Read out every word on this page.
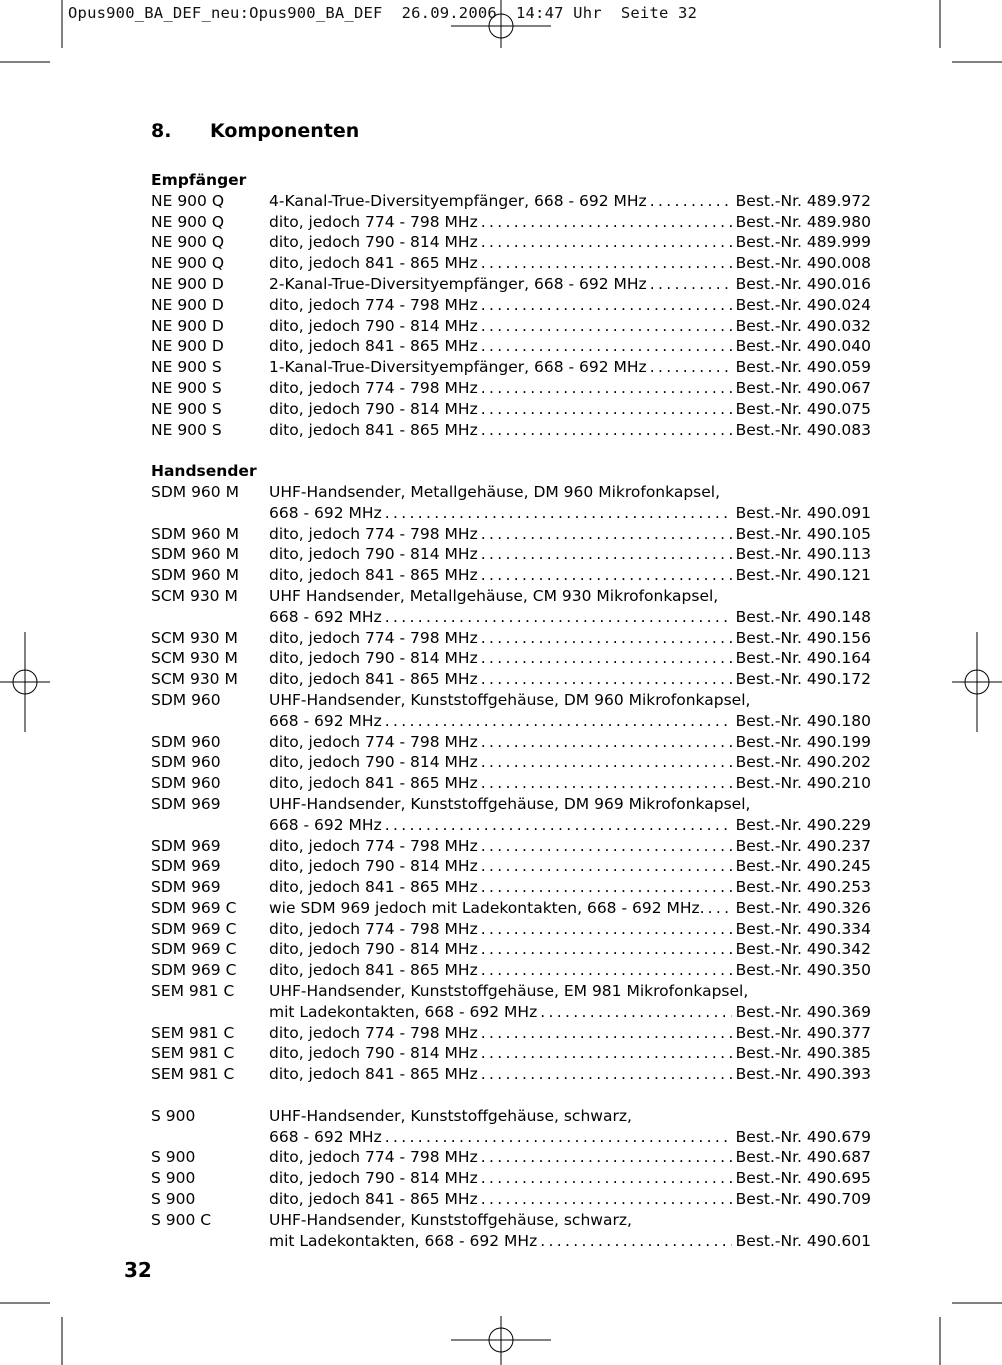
Opus900_BA_DEF_neu:Opus900_BA_DEF  26.09.2006  14:47 Uhr  Seite 32
8.	Komponenten
Empfänger
NE 900 Q	4-Kanal-True-Diversityempfänger, 668 - 692 MHz . . .	Best.-Nr. 489.972
NE 900 Q	dito, jedoch 774 - 798 MHz . . .	Best.-Nr. 489.980
NE 900 Q	dito, jedoch 790 - 814 MHz . . .	Best.-Nr. 489.999
NE 900 Q	dito, jedoch 841 - 865 MHz . . .	Best.-Nr. 490.008
NE 900 D	2-Kanal-True-Diversityempfänger, 668 - 692 MHz . . .	Best.-Nr. 490.016
NE 900 D	dito, jedoch 774 - 798 MHz . . .	Best.-Nr. 490.024
NE 900 D	dito, jedoch 790 - 814 MHz . . .	Best.-Nr. 490.032
NE 900 D	dito, jedoch 841 - 865 MHz . . .	Best.-Nr. 490.040
NE 900 S	1-Kanal-True-Diversityempfänger, 668 - 692 MHz . . .	Best.-Nr. 490.059
NE 900 S	dito, jedoch 774 - 798 MHz . . .	Best.-Nr. 490.067
NE 900 S	dito, jedoch 790 - 814 MHz . . .	Best.-Nr. 490.075
NE 900 S	dito, jedoch 841 - 865 MHz . . .	Best.-Nr. 490.083
Handsender
SDM 960 M	UHF-Handsender, Metallgehäuse, DM 960 Mikrofonkapsel,
668 - 692 MHz . . .	Best.-Nr. 490.091
SDM 960 M	dito, jedoch 774 - 798 MHz . . .	Best.-Nr. 490.105
SDM 960 M	dito, jedoch 790 - 814 MHz . . .	Best.-Nr. 490.113
SDM 960 M	dito, jedoch 841 - 865 MHz . . .	Best.-Nr. 490.121
SCM 930 M	UHF Handsender, Metallgehäuse, CM 930 Mikrofonkapsel,
668 - 692 MHz . . .	Best.-Nr. 490.148
SCM 930 M	dito, jedoch 774 - 798 MHz . . .	Best.-Nr. 490.156
SCM 930 M	dito, jedoch 790 - 814 MHz . . .	Best.-Nr. 490.164
SCM 930 M	dito, jedoch 841 - 865 MHz . . .	Best.-Nr. 490.172
SDM 960	UHF-Handsender, Kunststoffgehäuse, DM 960 Mikrofonkapsel,
668 - 692 MHz . . .	Best.-Nr. 490.180
SDM 960	dito, jedoch 774 - 798 MHz . . .	Best.-Nr. 490.199
SDM 960	dito, jedoch 790 - 814 MHz . . .	Best.-Nr. 490.202
SDM 960	dito, jedoch 841 - 865 MHz . . .	Best.-Nr. 490.210
SDM 969	UHF-Handsender, Kunststoffgehäuse, DM 969 Mikrofonkapsel,
668 - 692 MHz . . .	Best.-Nr. 490.229
SDM 969	dito, jedoch 774 - 798 MHz . . .	Best.-Nr. 490.237
SDM 969	dito, jedoch 790 - 814 MHz . . .	Best.-Nr. 490.245
SDM 969	dito, jedoch 841 - 865 MHz . . .	Best.-Nr. 490.253
SDM 969 C	wie SDM 969 jedoch mit Ladekontakten, 668 - 692 MHz. . . . Best.-Nr. 490.326
SDM 969 C	dito, jedoch 774 - 798 MHz . . .	Best.-Nr. 490.334
SDM 969 C	dito, jedoch 790 - 814 MHz . . .	Best.-Nr. 490.342
SDM 969 C	dito, jedoch 841 - 865 MHz . . .	Best.-Nr. 490.350
SEM 981 C	UHF-Handsender, Kunststoffgehäuse, EM 981 Mikrofonkapsel,
mit Ladekontakten, 668 - 692 MHz . . .	Best.-Nr. 490.369
SEM 981 C	dito, jedoch 774 - 798 MHz . . .	Best.-Nr. 490.377
SEM 981 C	dito, jedoch 790 - 814 MHz . . .	Best.-Nr. 490.385
SEM 981 C	dito, jedoch 841 - 865 MHz . . .	Best.-Nr. 490.393
S 900	UHF-Handsender, Kunststoffgehäuse, schwarz,
668 - 692 MHz . . .	Best.-Nr. 490.679
S 900	dito, jedoch 774 - 798 MHz . . .	Best.-Nr. 490.687
S 900	dito, jedoch 790 - 814 MHz . . .	Best.-Nr. 490.695
S 900	dito, jedoch 841 - 865 MHz . . .	Best.-Nr. 490.709
S 900 C	UHF-Handsender, Kunststoffgehäuse, schwarz,
mit Ladekontakten, 668 - 692 MHz . . .	Best.-Nr. 490.601
32
